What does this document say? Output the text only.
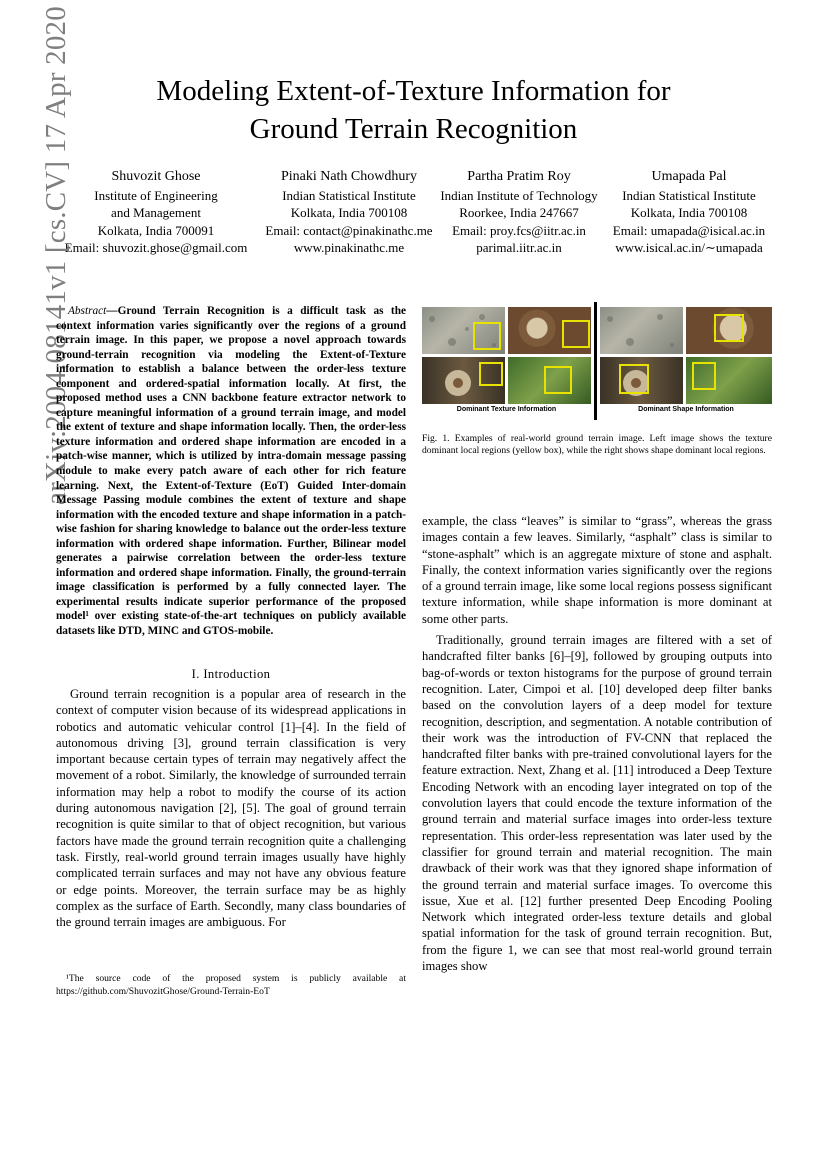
Modeling Extent-of-Texture Information for
Ground Terrain Recognition
Shuvozit Ghose
Institute of Engineering
and Management
Kolkata, India 700091
Email: shuvozit.ghose@gmail.com
Pinaki Nath Chowdhury
Indian Statistical Institute
Kolkata, India 700108
Email: contact@pinakinathc.me
www.pinakinathc.me
Partha Pratim Roy
Indian Institute of Technology
Roorkee, India 247667
Email: proy.fcs@iitr.ac.in
parimal.iitr.ac.in
Umapada Pal
Indian Statistical Institute
Kolkata, India 700108
Email: umapada@isical.ac.in
www.isical.ac.in/∼umapada
arXiv:2004.08141v1 [cs.CV] 17 Apr 2020
Abstract—Ground Terrain Recognition is a difficult task as the context information varies significantly over the regions of a ground terrain image. In this paper, we propose a novel approach towards ground-terrain recognition via modeling the Extent-of-Texture information to establish a balance between the order-less texture component and ordered-spatial information locally. At first, the proposed method uses a CNN backbone feature extractor network to capture meaningful information of a ground terrain image, and model the extent of texture and shape information locally. Then, the order-less texture information and ordered shape information are encoded in a patch-wise manner, which is utilized by intra-domain message passing module to make every patch aware of each other for rich feature learning. Next, the Extent-of-Texture (EoT) Guided Inter-domain Message Passing module combines the extent of texture and shape information with the encoded texture and shape information in a patch-wise fashion for sharing knowledge to balance out the order-less texture information with ordered shape information. Further, Bilinear model generates a pairwise correlation between the order-less texture information and ordered shape information. Finally, the ground-terrain image classification is performed by a fully connected layer. The experimental results indicate superior performance of the proposed model¹ over existing state-of-the-art techniques on publicly available datasets like DTD, MINC and GTOS-mobile.
I. Introduction

Ground terrain recognition is a popular area of research in the context of computer vision because of its widespread applications in robotics and automatic vehicular control [1]–[4]. In the field of autonomous driving [3], ground terrain classification is very important because certain types of terrain may negatively affect the movement of a robot. Similarly, the knowledge of surrounded terrain information may help a robot to modify the course of its action during autonomous navigation [2], [5]. The goal of ground terrain recognition is quite similar to that of object recognition, but various factors have made the ground terrain recognition quite a challenging task. Firstly, real-world ground terrain images usually have highly complicated terrain surfaces and may not have any obvious feature or edge points. Moreover, the terrain surface may be as highly complex as the surface of Earth. Secondly, many class boundaries of the ground terrain images are ambiguous. For

¹The source code of the proposed system is publicly available at https://github.com/ShuvozitGhose/Ground-Terrain-EoT
Dominant Texture Information	Dominant Shape Information
Fig. 1. Examples of real-world ground terrain image. Left image shows the texture dominant local regions (yellow box), while the right shows shape dominant local regions.

example, the class “leaves” is similar to “grass”, whereas the grass images contain a few leaves. Similarly, “asphalt” class is similar to “stone-asphalt” which is an aggregate mixture of stone and asphalt. Finally, the context information varies significantly over the regions of a ground terrain image, like some local regions possess significant texture information, while shape information is more dominant at some other parts.

Traditionally, ground terrain images are filtered with a set of handcrafted filter banks [6]–[9], followed by grouping outputs into bag-of-words or texton histograms for the purpose of ground terrain recognition. Later, Cimpoi et al. [10] developed deep filter banks based on the convolution layers of a deep model for texture recognition, description, and segmentation. A notable contribution of their work was the introduction of FV-CNN that replaced the handcrafted filter banks with pre-trained convolutional layers for the feature extraction. Next, Zhang et al. [11] introduced a Deep Texture Encoding Network with an encoding layer integrated on top of the convolution layers that could encode the texture information of the ground terrain and material surface images into order-less texture representation. This order-less representation was later used by the classifier for ground terrain and material recognition. The main drawback of their work was that they ignored shape information of the ground terrain and material surface images. To overcome this issue, Xue et al. [12] further presented Deep Encoding Pooling Network which integrated order-less texture details and global spatial information for the task of ground terrain recognition. But, from the figure 1, we can see that most real-world ground terrain images show
